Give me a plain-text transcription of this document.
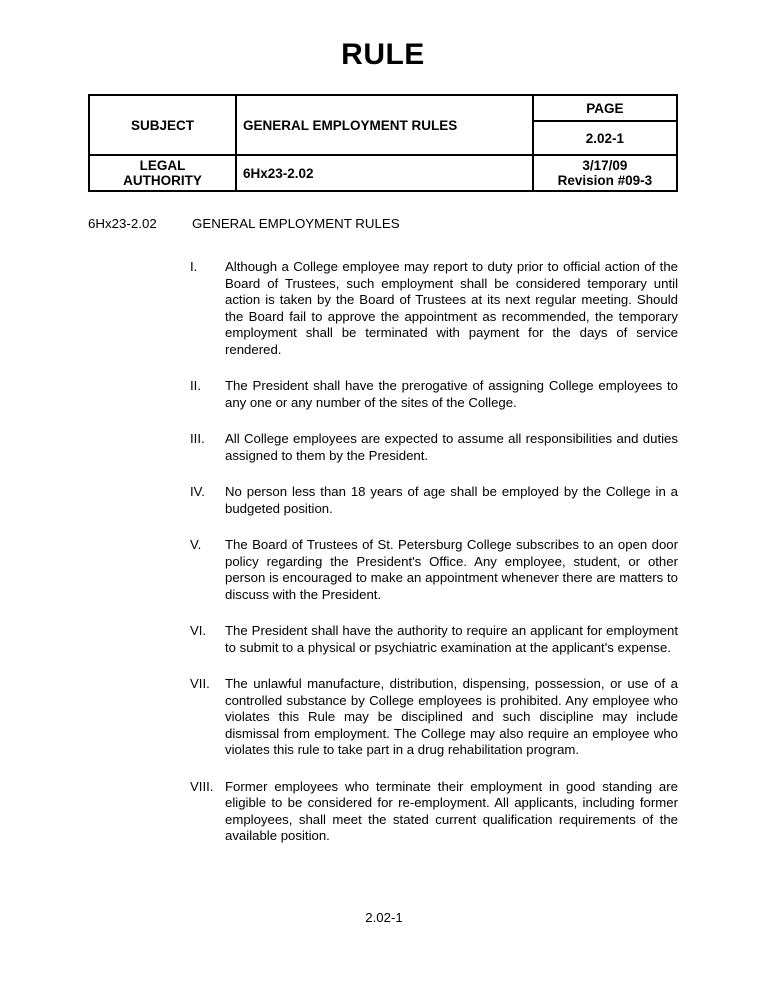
RULE
SUBJECT	GENERAL EMPLOYMENT RULES	PAGE
		2.02-1

LEGAL
AUTHORITY	6Hx23-2.02	3/17/09
Revision #09-3
6Hx23-2.02	GENERAL EMPLOYMENT RULES
I.	Although a College employee may report to duty prior to official action of the Board of Trustees, such employment shall be considered temporary until action is taken by the Board of Trustees at its next regular meeting. Should the Board fail to approve the appointment as recommended, the temporary employment shall be terminated with payment for the days of service rendered.

II.	The President shall have the prerogative of assigning College employees to any one or any number of the sites of the College.

III.	All College employees are expected to assume all responsibilities and duties assigned to them by the President.

IV.	No person less than 18 years of age shall be employed by the College in a budgeted position.

V.	The Board of Trustees of St. Petersburg College subscribes to an open door policy regarding the President's Office. Any employee, student, or other person is encouraged to make an appointment whenever there are matters to discuss with the President.

VI.	The President shall have the authority to require an applicant for employment to submit to a physical or psychiatric examination at the applicant's expense.

VII.	The unlawful manufacture, distribution, dispensing, possession, or use of a controlled substance by College employees is prohibited. Any employee who violates this Rule may be disciplined and such discipline may include dismissal from employment. The College may also require an employee who violates this rule to take part in a drug rehabilitation program.

VIII. Former employees who terminate their employment in good standing are eligible to be considered for re-employment. All applicants, including former employees, shall meet the stated current qualification requirements of the available position.

2.02-1
